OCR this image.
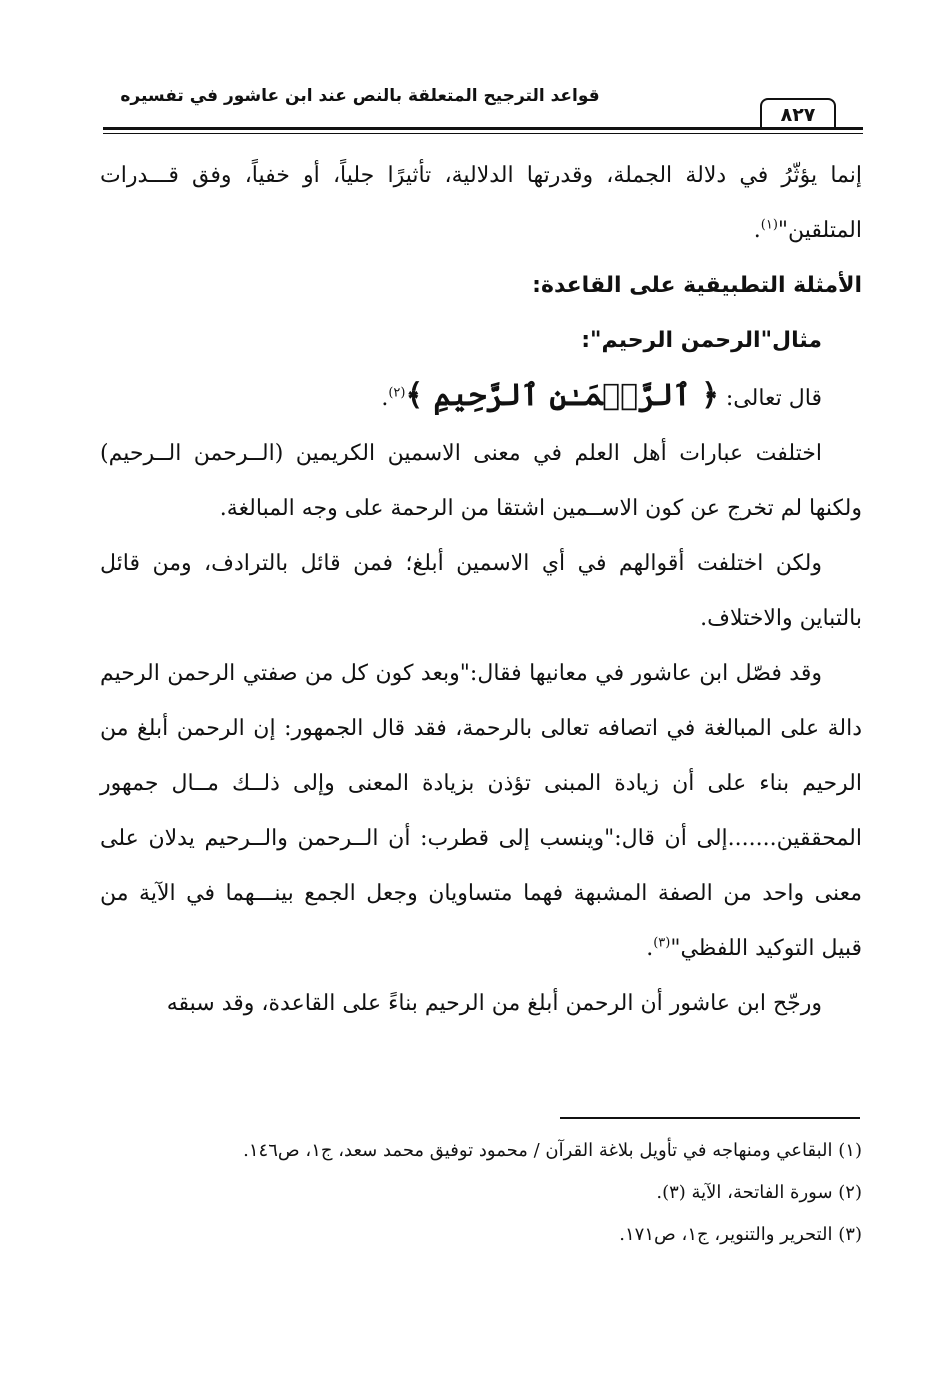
قواعد الترجيح المتعلقة بالنص عند ابن عاشور في تفسيره
٨٢٧

إنما يؤثّرُ في دلالة الجملة، وقدرتها الدلالية، تأثيرًا جلياً، أو خفياً، وفق قـــدرات المتلقين"$^{(١)}$.

الأمثلة التطبيقية على القاعدة:

مثال"الرحمن الرحيم":

قال تعالى: ﴿ ٱلرَّحۡمَـٰنِ ٱلرَّحِيمِ ﴾$^{(٢)}$.

اختلفت عبارات أهل العلم في معنى الاسمين الكريمين (الــرحمن الــرحيم) ولكنها لم تخرج عن كون الاســمين اشتقا من الرحمة على وجه المبالغة.

ولكن اختلفت أقوالهم في أي الاسمين أبلغ؛ فمن قائل بالترادف، ومن قائل بالتباين والاختلاف.

وقد فصّل ابن عاشور في معانيها فقال:"وبعد كون كل من صفتي الرحمن الرحيم دالة على المبالغة في اتصافه تعالى بالرحمة، فقد قال الجمهور: إن الرحمن أبلغ من الرحيم بناء على أن زيادة المبنى تؤذن بزيادة المعنى وإلى ذلــك مــال جمهور المحققين.......إلى أن قال:"وينسب إلى قطرب: أن الــرحمن والــرحيم يدلان على معنى واحد من الصفة المشبهة فهما متساويان وجعل الجمع بينـــهما في الآية من قبيل التوكيد اللفظي"$^{(٣)}$.

ورجّح ابن عاشور أن الرحمن أبلغ من الرحيم بناءً على القاعدة، وقد سبقه

(١) البقاعي ومنهاجه في تأويل بلاغة القرآن / محمود توفيق محمد سعد، ج١، ص١٤٦.

(٢) سورة الفاتحة، الآية (٣).

(٣) التحرير والتنوير، ج١، ص١٧١.
